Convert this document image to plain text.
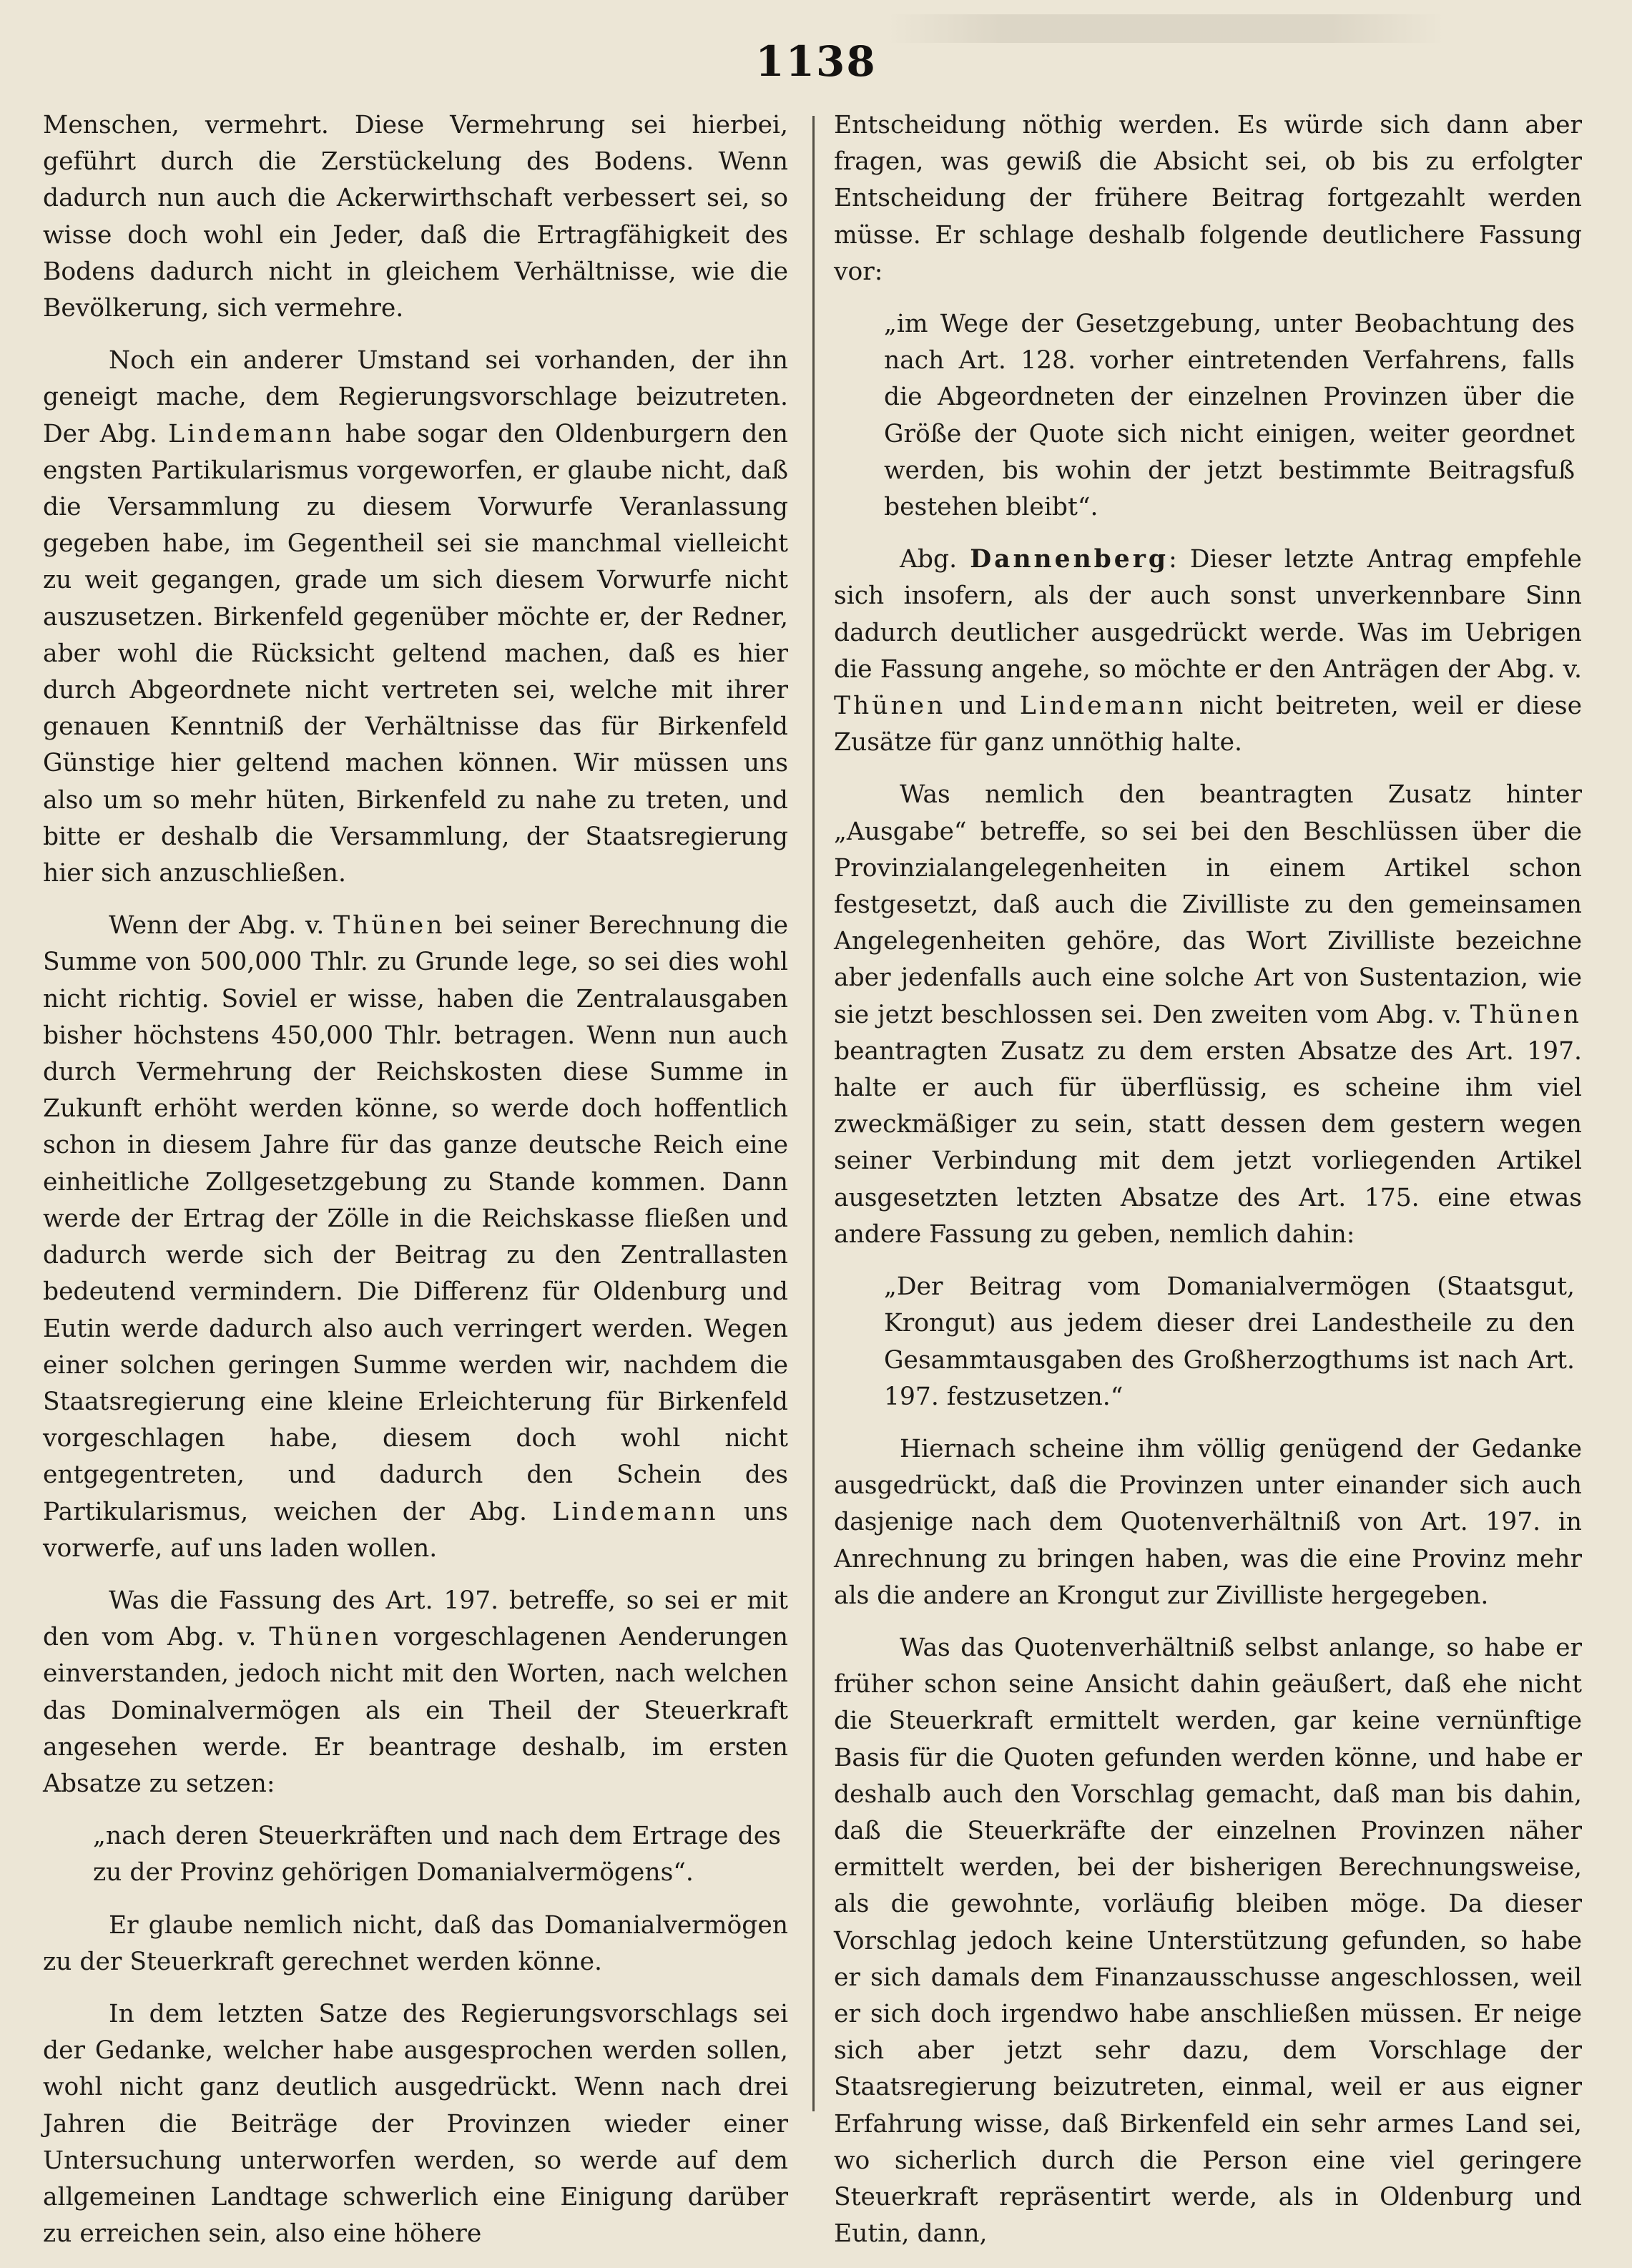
1138

Menschen, vermehrt. Diese Vermehrung sei hierbei, geführt durch die Zerstückelung des Bodens. Wenn dadurch nun auch die Ackerwirthschaft verbessert sei, so wisse doch wohl ein Jeder, daß die Ertragfähigkeit des Bodens dadurch nicht in gleichem Verhältnisse, wie die Bevölkerung, sich vermehre.

Noch ein anderer Umstand sei vorhanden, der ihn geneigt mache, dem Regierungsvorschlage beizutreten. Der Abg. Lindemann habe sogar den Oldenburgern den engsten Partikularismus vorgeworfen, er glaube nicht, daß die Versammlung zu diesem Vorwurfe Veranlassung gegeben habe, im Gegentheil sei sie manchmal vielleicht zu weit gegangen, grade um sich diesem Vorwurfe nicht auszusetzen. Birkenfeld gegenüber möchte er, der Redner, aber wohl die Rücksicht geltend machen, daß es hier durch Abgeordnete nicht vertreten sei, welche mit ihrer genauen Kenntniß der Verhältnisse das für Birkenfeld Günstige hier geltend machen können. Wir müssen uns also um so mehr hüten, Birkenfeld zu nahe zu treten, und bitte er deshalb die Versammlung, der Staatsregierung hier sich anzuschließen.

Wenn der Abg. v. Thünen bei seiner Berechnung die Summe von 500,000 Thlr. zu Grunde lege, so sei dies wohl nicht richtig. Soviel er wisse, haben die Zentralausgaben bisher höchstens 450,000 Thlr. betragen. Wenn nun auch durch Vermehrung der Reichskosten diese Summe in Zukunft erhöht werden könne, so werde doch hoffentlich schon in diesem Jahre für das ganze deutsche Reich eine einheitliche Zollgesetzgebung zu Stande kommen. Dann werde der Ertrag der Zölle in die Reichskasse fließen und dadurch werde sich der Beitrag zu den Zentrallasten bedeutend vermindern. Die Differenz für Oldenburg und Eutin werde dadurch also auch verringert werden. Wegen einer solchen geringen Summe werden wir, nachdem die Staatsregierung eine kleine Erleichterung für Birkenfeld vorgeschlagen habe, diesem doch wohl nicht entgegentreten, und dadurch den Schein des Partikularismus, weichen der Abg. Lindemann uns vorwerfe, auf uns laden wollen.

Was die Fassung des Art. 197. betreffe, so sei er mit den vom Abg. v. Thünen vorgeschlagenen Aenderungen einverstanden, jedoch nicht mit den Worten, nach welchen das Dominalvermögen als ein Theil der Steuerkraft angesehen werde. Er beantrage deshalb, im ersten Absatze zu setzen:

„nach deren Steuerkräften und nach dem Ertrage des zu der Provinz gehörigen Domanialvermögens“.

Er glaube nemlich nicht, daß das Domanialvermögen zu der Steuerkraft gerechnet werden könne.

In dem letzten Satze des Regierungsvorschlags sei der Gedanke, welcher habe ausgesprochen werden sollen, wohl nicht ganz deutlich ausgedrückt. Wenn nach drei Jahren die Beiträge der Provinzen wieder einer Untersuchung unterworfen werden, so werde auf dem allgemeinen Landtage schwerlich eine Einigung darüber zu erreichen sein, also eine höhere

Entscheidung nöthig werden. Es würde sich dann aber fragen, was gewiß die Absicht sei, ob bis zu erfolgter Entscheidung der frühere Beitrag fortgezahlt werden müsse. Er schlage deshalb folgende deutlichere Fassung vor:

„im Wege der Gesetzgebung, unter Beobachtung des nach Art. 128. vorher eintretenden Verfahrens, falls die Abgeordneten der einzelnen Provinzen über die Größe der Quote sich nicht einigen, weiter geordnet werden, bis wohin der jetzt bestimmte Beitragsfuß bestehen bleibt“.

Abg. Dannenberg: Dieser letzte Antrag empfehle sich insofern, als der auch sonst unverkennbare Sinn dadurch deutlicher ausgedrückt werde. Was im Uebrigen die Fassung angehe, so möchte er den Anträgen der Abg. v. Thünen und Lindemann nicht beitreten, weil er diese Zusätze für ganz unnöthig halte.

Was nemlich den beantragten Zusatz hinter „Ausgabe“ betreffe, so sei bei den Beschlüssen über die Provinzialangelegenheiten in einem Artikel schon festgesetzt, daß auch die Zivilliste zu den gemeinsamen Angelegenheiten gehöre, das Wort Zivilliste bezeichne aber jedenfalls auch eine solche Art von Sustentazion, wie sie jetzt beschlossen sei. Den zweiten vom Abg. v. Thünen beantragten Zusatz zu dem ersten Absatze des Art. 197. halte er auch für überflüssig, es scheine ihm viel zweckmäßiger zu sein, statt dessen dem gestern wegen seiner Verbindung mit dem jetzt vorliegenden Artikel ausgesetzten letzten Absatze des Art. 175. eine etwas andere Fassung zu geben, nemlich dahin:

„Der Beitrag vom Domanialvermögen (Staatsgut, Krongut) aus jedem dieser drei Landestheile zu den Gesammtausgaben des Großherzogthums ist nach Art. 197. festzusetzen.“

Hiernach scheine ihm völlig genügend der Gedanke ausgedrückt, daß die Provinzen unter einander sich auch dasjenige nach dem Quotenverhältniß von Art. 197. in Anrechnung zu bringen haben, was die eine Provinz mehr als die andere an Krongut zur Zivilliste hergegeben.

Was das Quotenverhältniß selbst anlange, so habe er früher schon seine Ansicht dahin geäußert, daß ehe nicht die Steuerkraft ermittelt werden, gar keine vernünftige Basis für die Quoten gefunden werden könne, und habe er deshalb auch den Vorschlag gemacht, daß man bis dahin, daß die Steuerkräfte der einzelnen Provinzen näher ermittelt werden, bei der bisherigen Berechnungsweise, als die gewohnte, vorläufig bleiben möge. Da dieser Vorschlag jedoch keine Unterstützung gefunden, so habe er sich damals dem Finanzausschusse angeschlossen, weil er sich doch irgendwo habe anschließen müssen. Er neige sich aber jetzt sehr dazu, dem Vorschlage der Staatsregierung beizutreten, einmal, weil er aus eigner Erfahrung wisse, daß Birkenfeld ein sehr armes Land sei, wo sicherlich durch die Person eine viel geringere Steuerkraft repräsentirt werde, als in Oldenburg und Eutin, dann,
